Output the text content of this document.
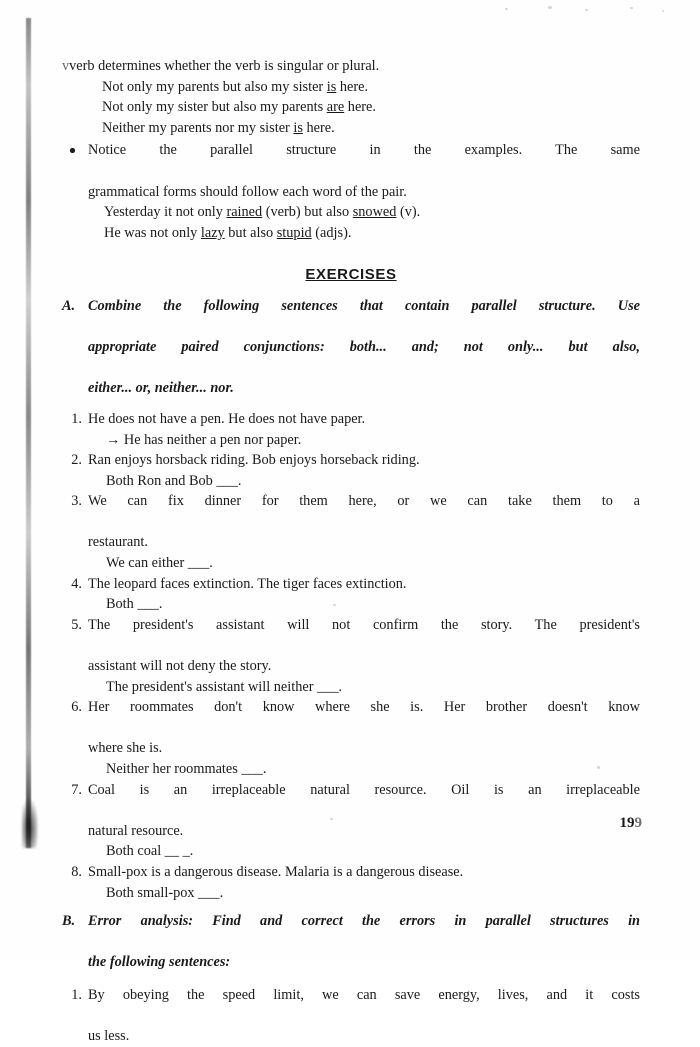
vverb determines whether the verb is singular or plural.

Not only my parents but also my sister is here.

Not only my sister but also my parents are here.

Neither my parents nor my sister is here.

Notice the parallel structure in the examples. The same
grammatical forms should follow each word of the pair.

Yesterday it not only rained (verb) but also snowed (v).

He was not only lazy but also stupid (adjs).

EXERCISES
A. Combine the following sentences that contain parallel structure. Use
appropriate paired conjunctions: both... and; not only... but also,
either... or, neither... nor.
1. He does not have a pen. He does not have paper.

→ He has neither a pen nor paper.

2. Ran enjoys horsback riding. Bob enjoys horseback riding.

Both Ron and Bob ___.

3. We can fix dinner for them here, or we can take them to a

restaurant.

We can either ___.

4. The leopard faces extinction. The tiger faces extinction.

Both ___.

5. The president's assistant will not confirm the story. The president's

assistant will not deny the story.

The president's assistant will neither ___.

6. Her roommates don't know where she is. Her brother doesn't know

where she is.

Neither her roommates ___.

7. Coal is an irreplaceable natural resource. Oil is an irreplaceable

natural resource.

Both coal __ _.

8. Small-pox is a dangerous disease. Malaria is a dangerous disease.

Both small-pox ___.

B. Error analysis: Find and correct the errors in parallel structures in
the following sentences:
1. By obeying the speed limit, we can save energy, lives, and it costs

us less.

199
